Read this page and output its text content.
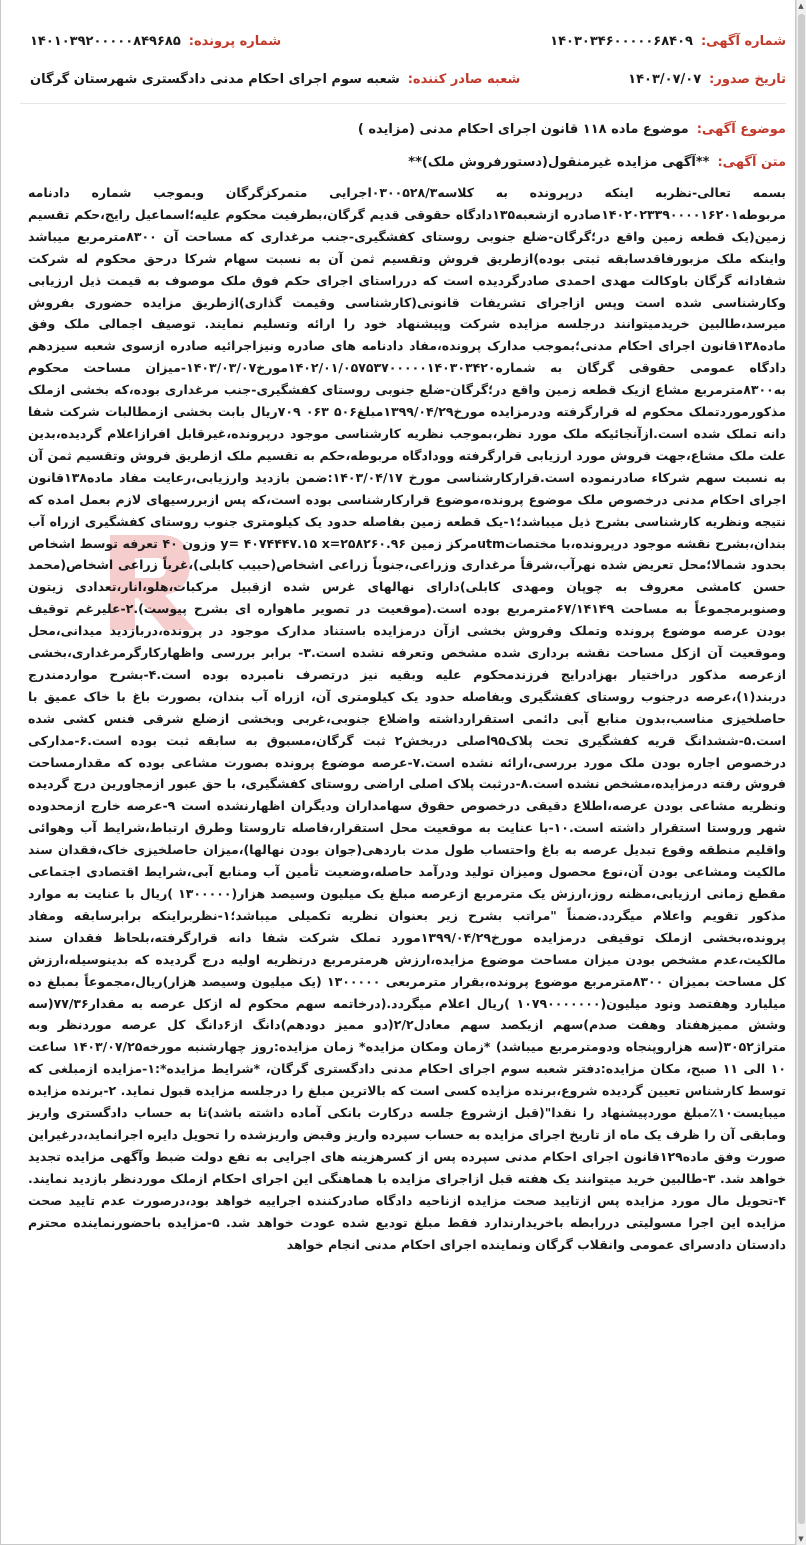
شماره آگهی:
۱۴۰۳۰۳۴۶۰۰۰۰۰۶۸۴۰۹
شماره پرونده:
۱۴۰۱۰۳۹۲۰۰۰۰۰۸۴۹۶۸۵
تاریخ صدور:
۱۴۰۳/۰۷/۰۷
شعبه صادر کننده:
شعبه سوم اجرای احکام مدنی دادگستری شهرستان گرگان
موضوع آگهی:
موضوع ماده ۱۱۸ قانون اجرای احکام مدنی (مزایده )
متن آگهی:
**آگهی مزایده غیرمنقول(دستورفروش ملک)**
بسمه تعالی-نظربه اینکه درپرونده به کلاسه۰۳۰۰۵۲۸/۳اجرایی متمرکزگرگان وبموجب شماره دادنامه مربوطه۱۴۰۲۰۲۳۳۹۰۰۰۰۱۶۲۰۱صادره ازشعبه۱۳۵دادگاه حقوقی قدیم گرگان،بطرفیت محکوم علیه؛اسماعیل رایج،حکم تقسیم زمین(یک قطعه زمین واقع در؛گرگان-ضلع جنوبی روستای کفشگیری-جنب مرغداری که مساحت آن ۸۳۰۰مترمربع میباشد واینکه ملک مزبورفاقدسابقه ثبتی بوده)ازطریق فروش وتقسیم ثمن آن به نسبت سهام شرکا درحق محکوم له شرکت شفادانه گرگان باوکالت مهدی احمدی صادرگردیده است که درراستای اجرای حکم فوق ملک موصوف به قیمت ذیل ارزیابی وکارشناسی شده است وپس ازاجرای تشریفات قانونی(کارشناسی وقیمت گذاری)ازطریق مزایده حضوری بفروش میرسد،طالبین خریدمیتوانند درجلسه مزایده شرکت وپیشنهاد خود را ارائه وتسلیم نمایند. توصیف اجمالی ملک وفق ماده۱۳۸قانون اجرای احکام مدنی؛بموجب مدارک پرونده،مفاد دادنامه های صادره ونیزاجرائیه صادره ازسوی شعبه سیزدهم دادگاه عمومی حقوقی گرگان به شماره۱۴۰۲/۰۱/۰۵۷۵۳۷۰۰۰۰۰۱۴۰۳۰۳۴۲۰مورخ۱۴۰۳/۰۳/۰۷-میزان مساحت محکوم به۸۳۰۰مترمربع مشاع ازیک قطعه زمین واقع در؛گرگان-ضلع جنوبی روستای کفشگیری-جنب مرغداری بوده،که بخشی ازملک مذکورموردتملک محکوم له قرارگرفته ودرمزایده مورخ۱۳۹۹/۰۴/۲۹مبلغ۵۰۶ ۰۶۳ ۷۰۹ریال بابت بخشی ازمطالبات شرکت شفا دانه تملک شده است.ازآنجائیکه ملک مورد نظر،بموجب نظریه کارشناسی موجود درپرونده،غیرقابل افرازاعلام گردیده،بدین علت ملک مشاع،جهت فروش مورد ارزیابی قرارگرفته وودادگاه مربوطه،حکم به تقسیم ملک ازطریق فروش وتقسیم ثمن آن به نسبت سهم شرکاء صادرنموده است.قرارکارشناسی مورخ ۱۴۰۳/۰۴/۱۷:ضمن بازدید وارزیابی،رعایت مفاد ماده۱۳۸قانون اجرای احکام مدنی درخصوص ملک موضوع پرونده،موضوع قرارکارشناسی بوده است،که پس ازبررسیهای لازم بعمل امده که نتیجه ونظریه کارشناسی بشرح ذیل میباشد؛۱-یک قطعه زمین بفاصله حدود یک کیلومتری جنوب روستای کفشگیری ازراه آب بندان،بشرح نقشه موجود درپرونده،با مختصاتutmمرکز زمین y= ۴۰۷۴۴۴۷.۱۵ x=۲۵۸۲۶۰.۹۶ وزون ۴۰ تعرفه توسط اشخاص بحدود شمالا؛محل تعریض شده نهرآب،شرقاً مرغداری وزراعی،جنوباً زراعی اشخاص(حبیب کابلی)،غرباً زراعی اشخاص(محمد حسن کامشی معروف به چوپان ومهدی کابلی)دارای نهالهای غرس شده ازقبیل مرکبات،هلو،انار،تعدادی زیتون وصنوبرمجموعاً به مساحت ۶۷/۱۴۱۴۹مترمربع بوده است.(موقعیت در تصویر ماهواره ای بشرح پیوست).۲-علیرغم توقیف بودن عرصه موضوع پرونده وتملک وفروش بخشی ازآن درمزایده باستناد مدارک موجود در پرونده،دربازدید میدانی،محل وموقعیت آن ازکل مساحت نقشه برداری شده مشخص وتعرفه نشده است.۳- برابر بررسی واظهارکارگرمرغداری،بخشی ازعرصه مذکور دراختیار بهزادرایج فرزندمحکوم علیه وبقیه نیز درتصرف نامبرده بوده است.۴-بشرح مواردمندرج دربند(۱)،عرصه درجنوب روستای کفشگیری وبفاصله حدود یک کیلومتری آن، ازراه آب بندان، بصورت باغ با خاک عمیق با حاصلخیزی مناسب،بدون منابع آبی دائمی استقرارداشته واضلاع جنوبی،غربی وبخشی ازضلع شرقی فنس کشی شده است.۵-ششدانگ قریه کفشگیری تحت پلاک۹۵اصلی دربخش۲ ثبت گرگان،مسبوق به سابقه ثبت بوده است.۶-مدارکی درخصوص اجاره بودن ملک مورد بررسی،ارائه نشده است.۷-عرصه موضوع پرونده بصورت مشاعی بوده که مقدارمساحت فروش رفته درمزایده،مشخص نشده است.۸-درثبت پلاک اصلی اراضی روستای کفشگیری، با حق عبور ازمجاورین درج گردیده ونظریه مشاعی بودن عرصه،اطلاع دقیقی درخصوص حقوق سهامداران ودیگران اظهارنشده است ۹-عرصه خارج ازمحدوده شهر وروستا استقرار داشته است.۱۰-با عنایت به موقعیت محل استقرار،فاصله تاروستا وطرق ارتباط،شرایط آب وهوائی واقلیم منطقه وقوع تبدیل عرصه به باغ واحتساب طول مدت باردهی(جوان بودن نهالها)،میزان حاصلخیزی خاک،فقدان سند مالکیت ومشاعی بودن آن،نوع محصول ومیزان تولید ودرآمد حاصله،وضعیت تأمین آب ومنابع آبی،شرایط اقتصادی اجتماعی مقطع زمانی ارزیابی،مظنه روز،ارزش یک مترمربع ازعرصه مبلغ یک میلیون وسیصد هزار(۱۳۰۰۰۰۰ )ریال با عنایت به موارد مذکور تقویم واعلام میگردد.ضمناً "مراتب بشرح زیر بعنوان نظریه تکمیلی میباشد؛۱-نظربراینکه برابرسابقه ومفاد پرونده،بخشی ازملک توقیفی درمزایده مورخ۱۳۹۹/۰۴/۲۹مورد تملک شرکت شفا دانه قرارگرفته،بلحاظ فقدان سند مالکیت،عدم مشخص بودن میزان مساحت موضوع مزایده،ارزش هرمترمربع درنظریه اولیه درج گردیده که بدینوسیله،ارزش کل مساحت بمیزان ۸۳۰۰مترمربع موضوع پرونده،بقرار مترمربعی ۱۳۰۰۰۰۰ (یک میلیون وسیصد هزار)ریال،مجموعاً بمبلغ ده میلیارد وهفتصد ونود میلیون(۱۰۷۹۰۰۰۰۰۰۰ )ریال اعلام میگردد.(درخاتمه سهم محکوم له ازکل عرصه به مقدار۷۷/۳۶(سه وشش ممیزهفتاد وهفت صدم)سهم ازیکصد سهم معادل۲/۲(دو ممیز دودهم)دانگ از۶دانگ کل عرصه موردنظر وبه متراژ۳۰۵۲(سه هزاروپنجاه ودومترمربع میباشد) *زمان ومکان مزایده* زمان مزایده:روز چهارشنبه مورخه۱۴۰۳/۰۷/۲۵ ساعت ۱۰ الی ۱۱ صبح، مکان مزایده:دفتر شعبه سوم اجرای احکام مدنی دادگستری گرگان، *شرایط مزایده*:۱-مزایده ازمبلغی که توسط کارشناس تعیین گردیده شروع،برنده مزایده کسی است که بالاترین مبلغ را درجلسه مزایده قبول نماید. ۲-برنده مزایده میبایست۱۰٪مبلغ موردپیشنهاد را نقدا"(قبل ازشروع جلسه درکارت بانکی آماده داشته باشد)تا به حساب دادگستری واریز ومابقی آن را ظرف یک ماه از تاریخ اجرای مزایده به حساب سپرده واریز وقبض واریزشده را تحویل دایره اجرانماید،درغیراین صورت وفق ماده۱۲۹قانون اجرای احکام مدنی سپرده پس از کسرهزینه های اجرایی به نفع دولت ضبط وآگهی مزایده تجدید خواهد شد. ۳-طالبین خرید میتوانند یک هفته قبل ازاجرای مزایده با هماهنگی این اجرای احکام ازملک موردنظر بازدید نمایند. ۴-تحویل مال مورد مزایده پس ازتایید صحت مزایده ازناحیه دادگاه صادرکننده اجراییه خواهد بود،درصورت عدم تایید صحت مزایده این اجرا مسولیتی دررابطه باخریدارندارد فقط مبلغ تودیع شده عودت خواهد شد. ۵-مزایده باحضورنماینده محترم دادستان دادسرای عمومی وانقلاب گرگان ونماینده اجرای احکام مدنی انجام خواهد
▲
▼
